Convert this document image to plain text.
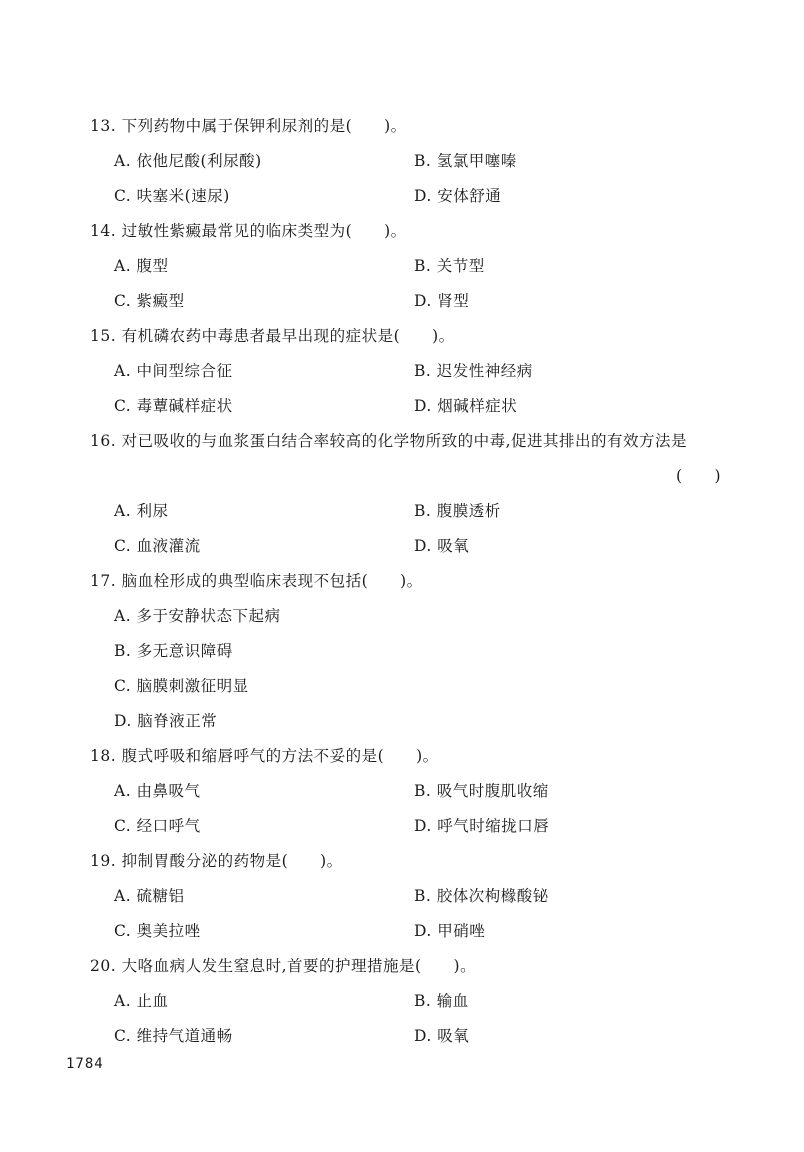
13. 下列药物中属于保钾利尿剂的是(　　)。
A. 依他尼酸(利尿酸)	B. 氢氯甲噻嗪
C. 呋塞米(速尿)	D. 安体舒通
14. 过敏性紫癜最常见的临床类型为(　　)。
A. 腹型	B. 关节型
C. 紫癜型	D. 肾型
15. 有机磷农药中毒患者最早出现的症状是(　　)。
A. 中间型综合征	B. 迟发性神经病
C. 毒蕈碱样症状	D. 烟碱样症状
16. 对已吸收的与血浆蛋白结合率较高的化学物所致的中毒,促进其排出的有效方法是
(　　)
A. 利尿	B. 腹膜透析
C. 血液灌流	D. 吸氧
17. 脑血栓形成的典型临床表现不包括(　　)。
A. 多于安静状态下起病
B. 多无意识障碍
C. 脑膜刺激征明显
D. 脑脊液正常
18. 腹式呼吸和缩唇呼气的方法不妥的是(　　)。
A. 由鼻吸气	B. 吸气时腹肌收缩
C. 经口呼气	D. 呼气时缩拢口唇
19. 抑制胃酸分泌的药物是(　　)。
A. 硫糖铝	B. 胶体次枸橼酸铋
C. 奥美拉唑	D. 甲硝唑
20. 大咯血病人发生窒息时,首要的护理措施是(　　)。
A. 止血	B. 输血
C. 维持气道通畅	D. 吸氧
1784
